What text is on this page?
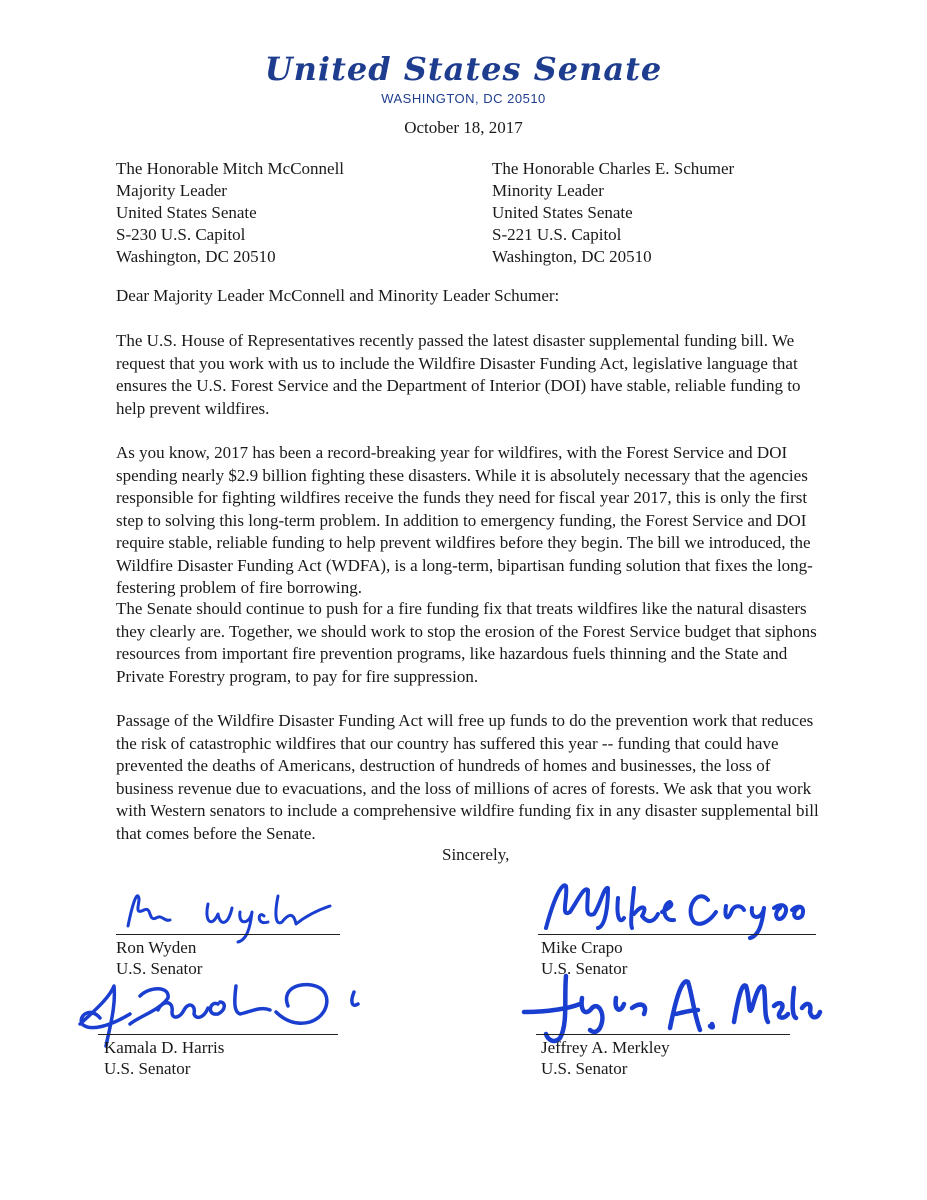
United States Senate
WASHINGTON, DC 20510
October 18, 2017
The Honorable Mitch McConnell
Majority Leader
United States Senate
S-230 U.S. Capitol
Washington, DC 20510
The Honorable Charles E. Schumer
Minority Leader
United States Senate
S-221 U.S. Capitol
Washington, DC 20510
Dear Majority Leader McConnell and Minority Leader Schumer:

The U.S. House of Representatives recently passed the latest disaster supplemental funding bill. We request that you work with us to include the Wildfire Disaster Funding Act, legislative language that ensures the U.S. Forest Service and the Department of Interior (DOI) have stable, reliable funding to help prevent wildfires.

As you know, 2017 has been a record-breaking year for wildfires, with the Forest Service and DOI spending nearly $2.9 billion fighting these disasters. While it is absolutely necessary that the agencies responsible for fighting wildfires receive the funds they need for fiscal year 2017, this is only the first step to solving this long-term problem. In addition to emergency funding, the Forest Service and DOI require stable, reliable funding to help prevent wildfires before they begin. The bill we introduced, the Wildfire Disaster Funding Act (WDFA), is a long-term, bipartisan funding solution that fixes the long-festering problem of fire borrowing.

The Senate should continue to push for a fire funding fix that treats wildfires like the natural disasters they clearly are. Together, we should work to stop the erosion of the Forest Service budget that siphons resources from important fire prevention programs, like hazardous fuels thinning and the State and Private Forestry program, to pay for fire suppression.

Passage of the Wildfire Disaster Funding Act will free up funds to do the prevention work that reduces the risk of catastrophic wildfires that our country has suffered this year -- funding that could have prevented the deaths of Americans, destruction of hundreds of homes and businesses, the loss of business revenue due to evacuations, and the loss of millions of acres of forests. We ask that you work with Western senators to include a comprehensive wildfire funding fix in any disaster supplemental bill that comes before the Senate.

Sincerely,
Ron Wyden
U.S. Senator
Mike Crapo
U.S. Senator
Kamala D. Harris
U.S. Senator
Jeffrey A. Merkley
U.S. Senator
